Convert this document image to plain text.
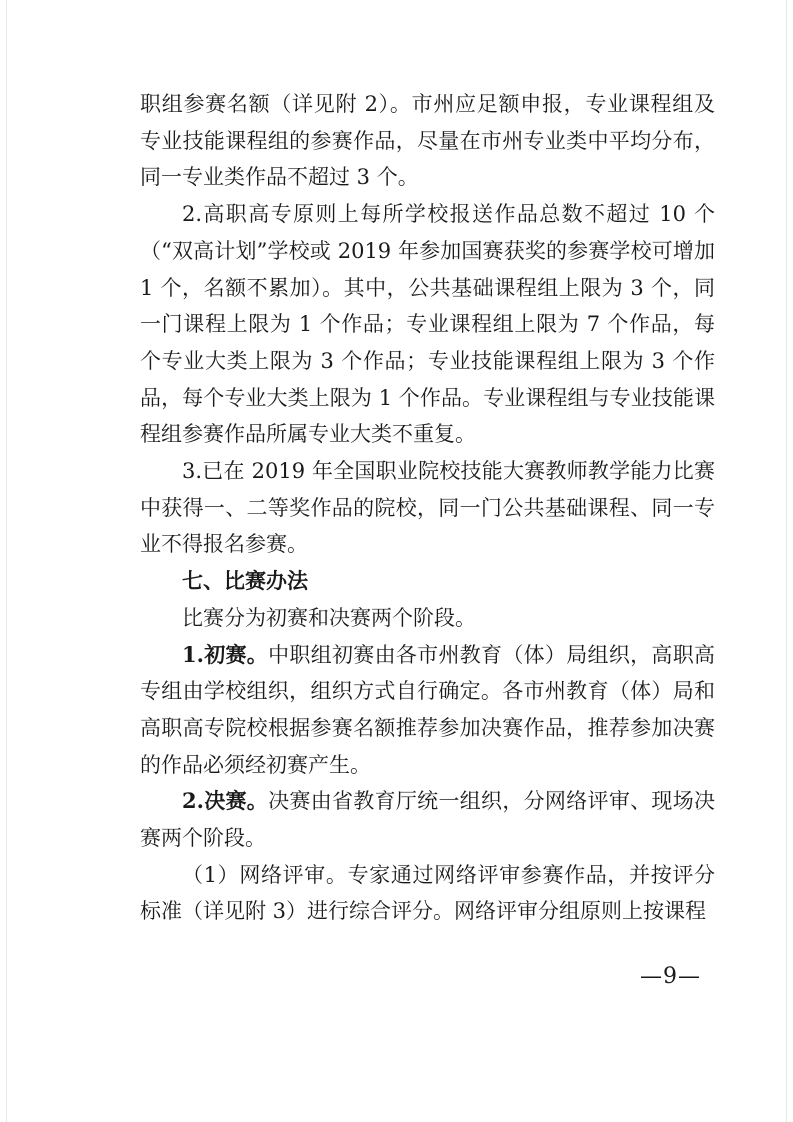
职组参赛名额（详见附 2）。市州应足额申报，专业课程组及专业技能课程组的参赛作品，尽量在市州专业类中平均分布，同一专业类作品不超过 3 个。

2.高职高专原则上每所学校报送作品总数不超过 10 个（“双高计划”学校或 2019 年参加国赛获奖的参赛学校可增加 1 个，名额不累加）。其中，公共基础课程组上限为 3 个，同一门课程上限为 1 个作品；专业课程组上限为 7 个作品，每个专业大类上限为 3 个作品；专业技能课程组上限为 3 个作品，每个专业大类上限为 1 个作品。专业课程组与专业技能课程组参赛作品所属专业大类不重复。

3.已在 2019 年全国职业院校技能大赛教师教学能力比赛中获得一、二等奖作品的院校，同一门公共基础课程、同一专业不得报名参赛。

七、比赛办法

比赛分为初赛和决赛两个阶段。

1.初赛。中职组初赛由各市州教育（体）局组织，高职高专组由学校组织，组织方式自行确定。各市州教育（体）局和高职高专院校根据参赛名额推荐参加决赛作品，推荐参加决赛的作品必须经初赛产生。

2.决赛。决赛由省教育厅统一组织，分网络评审、现场决赛两个阶段。

（1）网络评审。专家通过网络评审参赛作品，并按评分标准（详见附 3）进行综合评分。网络评审分组原则上按课程

—9—
